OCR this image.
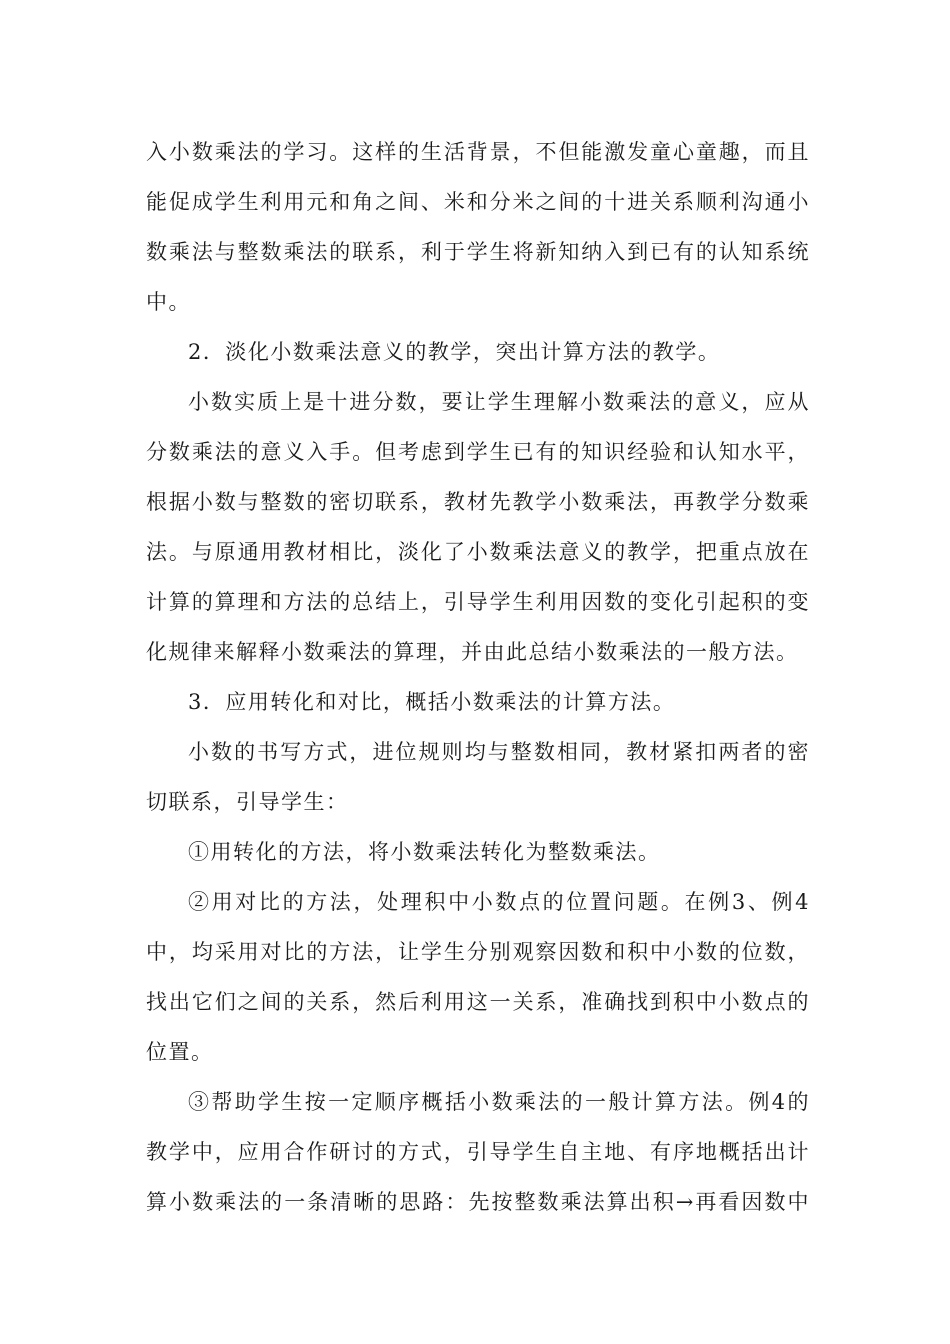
入小数乘法的学习。这样的生活背景，不但能激发童心童趣，而且
能促成学生利用元和角之间、米和分米之间的十进关系顺利沟通小
数乘法与整数乘法的联系，利于学生将新知纳入到已有的认知系统
中。
2．淡化小数乘法意义的教学，突出计算方法的教学。
小数实质上是十进分数，要让学生理解小数乘法的意义，应从
分数乘法的意义入手。但考虑到学生已有的知识经验和认知水平，
根据小数与整数的密切联系，教材先教学小数乘法，再教学分数乘
法。与原通用教材相比，淡化了小数乘法意义的教学，把重点放在
计算的算理和方法的总结上，引导学生利用因数的变化引起积的变
化规律来解释小数乘法的算理，并由此总结小数乘法的一般方法。
3．应用转化和对比，概括小数乘法的计算方法。
小数的书写方式，进位规则均与整数相同，教材紧扣两者的密
切联系，引导学生：
①用转化的方法，将小数乘法转化为整数乘法。
②用对比的方法，处理积中小数点的位置问题。在例3、例4
中，均采用对比的方法，让学生分别观察因数和积中小数的位数，
找出它们之间的关系，然后利用这一关系，准确找到积中小数点的
位置。
③帮助学生按一定顺序概括小数乘法的一般计算方法。例4的
教学中，应用合作研讨的方式，引导学生自主地、有序地概括出计
算小数乘法的一条清晰的思路：先按整数乘法算出积→再看因数中
